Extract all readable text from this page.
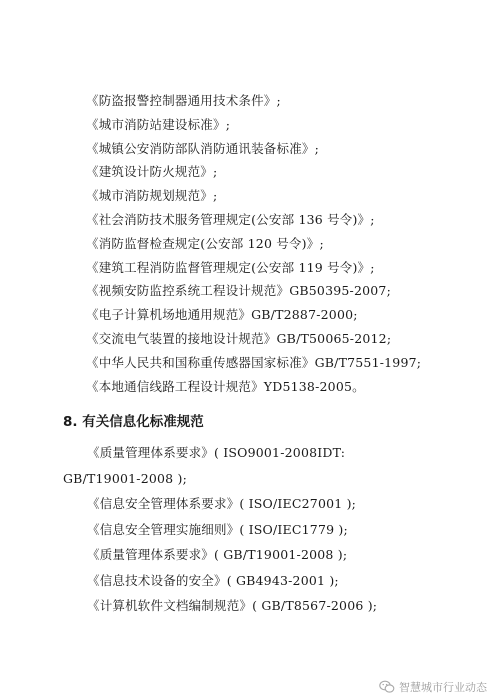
《防盗报警控制器通用技术条件》;
《城市消防站建设标准》;
《城镇公安消防部队消防通讯装备标准》;
《建筑设计防火规范》;
《城市消防规划规范》;
《社会消防技术服务管理规定(公安部 136 号令)》;
《消防监督检查规定(公安部 120 号令)》;
《建筑工程消防监督管理规定(公安部 119 号令)》;
《视频安防监控系统工程设计规范》GB50395-2007;
《电子计算机场地通用规范》GB/T2887-2000;
《交流电气装置的接地设计规范》GB/T50065-2012;
《中华人民共和国称重传感器国家标准》GB/T7551-1997;
《本地通信线路工程设计规范》YD5138-2005。
8. 有关信息化标准规范
《质量管理体系要求》( ISO9001-2008IDT:
GB/T19001-2008 );
《信息安全管理体系要求》( ISO/IEC27001 );
《信息安全管理实施细则》( ISO/IEC1779 );
《质量管理体系要求》( GB/T19001-2008 );
《信息技术设备的安全》( GB4943-2001 );
《计算机软件文档编制规范》( GB/T8567-2006 );
智慧城市行业动态
